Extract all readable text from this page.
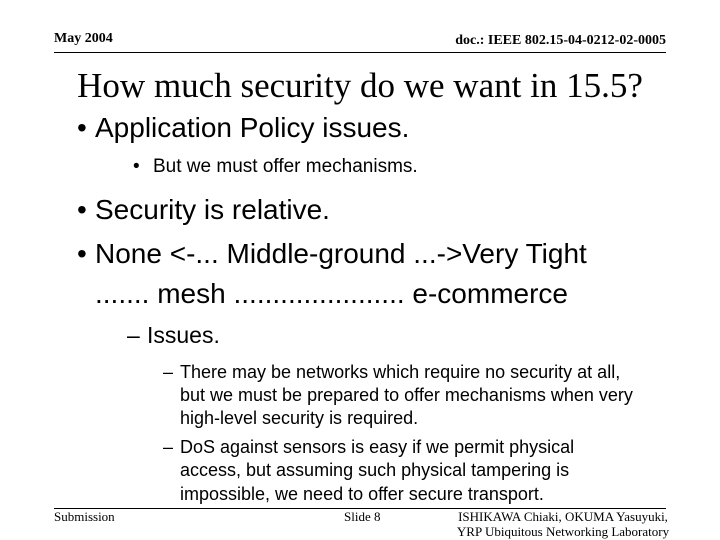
May 2004	doc.: IEEE 802.15-04-0212-02-0005
How much security do we want in 15.5?
• Application Policy issues.
• But we must offer mechanisms.
• Security is relative.
• None <-... Middle-ground ...->Very Tight
....... mesh ...................... e-commerce
– Issues.
– There may be networks which require no security at all,
but we must be prepared to offer mechanisms when very
high-level security is required.
– DoS against sensors is easy if we permit physical
access, but assuming such physical tampering is
impossible, we need to offer secure transport.
Submission	Slide 8	ISHIKAWA Chiaki, OKUMA Yasuyuki,
YRP Ubiquitous Networking Laboratory
